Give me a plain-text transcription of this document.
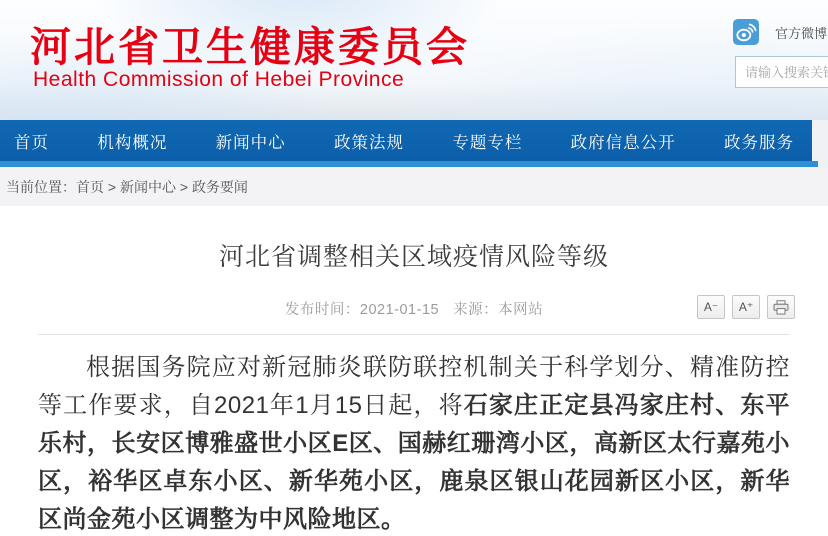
河北省卫生健康委员会
Health Commission of Hebei Province
官方微博
请输入搜索关键
首页	机构概况	新闻中心	政策法规	专题专栏	政府信息公开	政务服务
当前位置： 首页 > 新闻中心 > 政务要闻
河北省调整相关区域疫情风险等级
发布时间：2021-01-15 来源：本网站	A⁻	A⁺

根据国务院应对新冠肺炎联防联控机制关于科学划分、精准防控等工作要求，自2021年1月15日起，将石家庄正定县冯家庄村、东平乐村，长安区博雅盛世小区E区、国赫红珊湾小区，高新区太行嘉苑小区，裕华区卓东小区、新华苑小区，鹿泉区银山花园新区小区，新华区尚金苑小区调整为中风险地区。
